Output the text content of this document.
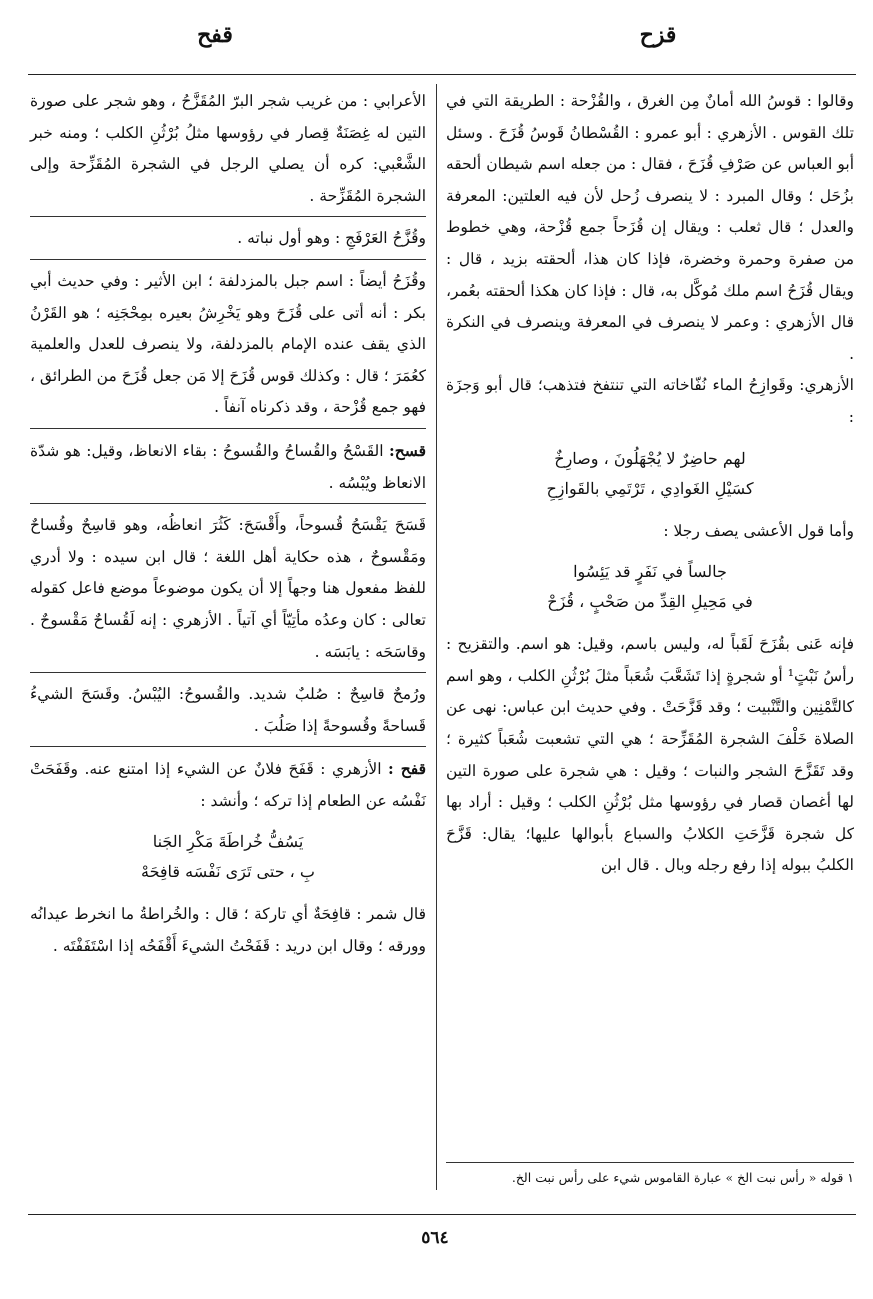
قزح
قفح

وقالوا : قوسُ الله أمانٌ مِن الغرق ، والقُزْحة : الطريقة التي في تلك القوس . الأزهري : أبو عمرو : القُسْطانُ قَوسُ قُزَحَ . وسئل أبو العباس عن صَرْفِ قُزَحَ ، فقال : من جعله اسم شيطان ألحقه بزُحَل ؛ وقال المبرد : لا ينصرف زُحل لأن فيه العلتين: المعرفة والعدل ؛ قال ثعلب : ويقال إن قُزَحاً جمع قُزْحة، وهي خطوط من صفرة وحمرة وخضرة، فإذا كان هذا، ألحقته بزيد ، قال : ويقال قُزَحُ اسم ملك مُوكَّل به، قال : فإذا كان هكذا ألحقته بعُمر، قال الأزهري : وعمر لا ينصرف في المعرفة وينصرف في النكرة .

الأزهري: وقَوازِحُ الماء نُفّاخاته التي تنتفخ فتذهب؛ قال أبو وَجزَة :

لهم حاضِرٌ لا يُجْهَلُونَ ، وصارِخٌ
كسَيْلِ الغَوادِي ، تَرْتَمِي بالقَوازِحِ

وأما قول الأعشى يصف رجلا :

جالساً في نَفَرٍ قد يَئِسُوا
في مَحِيلِ القِدِّ من صَحْبٍ ، قُزَحْ

فإنه عَنى بقُزَحَ لَقَباً له، وليس باسم، وقيل: هو اسم. والتقزيح : رأسُ نَبْتٍ¹ أو شجرةٍ إذا تَشَعَّبَ شُعَباً مثلَ بُرْثُنِ الكلب ، وهو اسم كالتَّمْنِين والتَّنْبيت ؛ وقد قَزَّحَتْ . وفي حديث ابن عباس: نهى عن الصلاة خَلْفَ الشجرة المُقَزِّحة ؛ هي التي تشعبت شُعَباً كثيرة ؛ وقد تَقَزَّحَ الشجر والنبات ؛ وقيل : هي شجرة على صورة التين لها أغصان قصار في رؤوسها مثل بُرْثُنِ الكلب ؛ وقيل : أراد بها كل شجرة قَزَّحَتِ الكلابُ والسباع بأبوالها عليها؛ يقال: قَزَّحَ الكلبُ ببوله إذا رفع رجله وبال . قال ابن

١ قوله « رأس نبت الخ » عبارة القاموس شيء على رأس نبت الخ.

الأعرابي : من غريب شجر البرّ المُقَزَّحُ ، وهو شجر على صورة التين له غِصَنَةٌ قِصار في رؤوسها مثلُ بُرْثُنِ الكلب ؛ ومنه خبر الشَّعْبي: كره أن يصلي الرجل في الشجرة المُقَزِّحة وإلى الشجرة المُقَزِّحة .

وقُزَّحُ العَرْفَجِ : وهو أول نباته .

وقُزَحُ أيضاً : اسم جبل بالمزدلفة ؛ ابن الأثير : وفي حديث أبي بكر : أنه أتى على قُزَحَ وهو يَخْرِشُ بعيره بمِحْجَنِه ؛ هو القَرْنُ الذي يقف عنده الإمام بالمزدلفة، ولا ينصرف للعدل والعلمية كعُمَرَ ؛ قال : وكذلك قوس قُزَحَ إلا مَن جعل قُزَحَ من الطرائق ، فهو جمع قُزْحة ، وقد ذكرناه آنفاً .

قسح: القَسْحُ والقُساحُ والقُسوحُ : بقاء الانعاظ، وقيل: هو شدّة الانعاظ ويُبْسُه .

قَسَحَ يَقْسَحُ قُسوحاً، وأَقْسَحَ: كَثُرَ انعاظُه، وهو قاسِحٌ وقُساحٌ ومَقْسوحٌ ، هذه حكاية أهل اللغة ؛ قال ابن سيده : ولا أدري للفظ مفعول هنا وجهاً إلا أن يكون موضوعاً موضع فاعل كقوله تعالى : كان وعدُه مأتِيّاً أي آتياً . الأزهري : إنه لَقُساحٌ مَقْسوحٌ . وقاسَحَه : يابَسَه .

ورُمحٌ قاسِحٌ : صُلبٌ شديد. والقُسوحُ: اليُبْسُ. وقَسَحَ الشيءُ قَساحةً وقُسوحةً إذا صَلُبَ .

قفح : الأزهري : قَفَحَ فلانٌ عن الشيء إذا امتنع عنه. وقَفَحَتْ نَفْسُه عن الطعام إذا تركه ؛ وأنشد :

يَسُفُّ خُراطَةَ مَكْرِ الجَنا
بِ ، حتى تَرَى نَفْسَه قافِحَهْ

قال شمر : قافِحَةٌ أي تاركة ؛ قال : والخُراطةُ ما انخرط عيدانُه وورقه ؛ وقال ابن دريد : قَفَحْتُ الشيءَ أَقْفَحُه إذا اسْتَفَفْتَه .

٥٦٤
